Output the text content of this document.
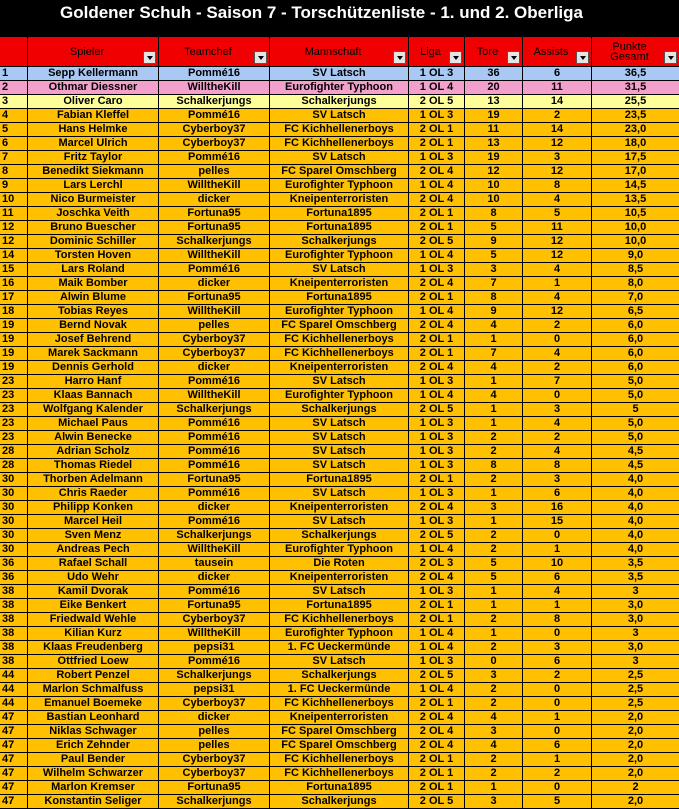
Goldener Schuh - Saison 7 - Torschützenliste - 1. und 2. Oberliga
Spieler	Teamchef	Mannschaft	Liga	Tore	Assists	Punkte Gesamt
1	Sepp Kellermann	Pommé16	SV Latsch	1 OL 3	36	6	36,5
2	Othmar Diessner	WilltheKill	Eurofighter Typhoon	1 OL 4	20	11	31,5
3	Oliver Caro	Schalkerjungs	Schalkerjungs	2 OL 5	13	14	25,5
4	Fabian Kleffel	Pommé16	SV Latsch	1 OL 3	19	2	23,5
5	Hans Helmke	Cyberboy37	FC Kichhellenerboys	2 OL 1	11	14	23,0
6	Marcel Ulrich	Cyberboy37	FC Kichhellenerboys	2 OL 1	13	12	18,0
7	Fritz Taylor	Pommé16	SV Latsch	1 OL 3	19	3	17,5
8	Benedikt Siekmann	pelles	FC Sparel Omschberg	2 OL 4	12	12	17,0
9	Lars Lerchl	WilltheKill	Eurofighter Typhoon	1 OL 4	10	8	14,5
10	Nico Burmeister	dicker	Kneipenterroristen	2 OL 4	10	4	13,5
11	Joschka Veith	Fortuna95	Fortuna1895	2 OL 1	8	5	10,5
12	Bruno Buescher	Fortuna95	Fortuna1895	2 OL 1	5	11	10,0
12	Dominic Schiller	Schalkerjungs	Schalkerjungs	2 OL 5	9	12	10,0
14	Torsten Hoven	WilltheKill	Eurofighter Typhoon	1 OL 4	5	12	9,0
15	Lars Roland	Pommé16	SV Latsch	1 OL 3	3	4	8,5
16	Maik Bomber	dicker	Kneipenterroristen	2 OL 4	7	1	8,0
17	Alwin Blume	Fortuna95	Fortuna1895	2 OL 1	8	4	7,0
18	Tobias Reyes	WilltheKill	Eurofighter Typhoon	1 OL 4	9	12	6,5
19	Bernd Novak	pelles	FC Sparel Omschberg	2 OL 4	4	2	6,0
19	Josef Behrend	Cyberboy37	FC Kichhellenerboys	2 OL 1	1	0	6,0
19	Marek Sackmann	Cyberboy37	FC Kichhellenerboys	2 OL 1	7	4	6,0
19	Dennis Gerhold	dicker	Kneipenterroristen	2 OL 4	4	2	6,0
23	Harro Hanf	Pommé16	SV Latsch	1 OL 3	1	7	5,0
23	Klaas Bannach	WilltheKill	Eurofighter Typhoon	1 OL 4	4	0	5,0
23	Wolfgang Kalender	Schalkerjungs	Schalkerjungs	2 OL 5	1	3	5
23	Michael Paus	Pommé16	SV Latsch	1 OL 3	1	4	5,0
23	Alwin Benecke	Pommé16	SV Latsch	1 OL 3	2	2	5,0
28	Adrian Scholz	Pommé16	SV Latsch	1 OL 3	2	4	4,5
28	Thomas Riedel	Pommé16	SV Latsch	1 OL 3	8	8	4,5
30	Thorben Adelmann	Fortuna95	Fortuna1895	2 OL 1	2	3	4,0
30	Chris Raeder	Pommé16	SV Latsch	1 OL 3	1	6	4,0
30	Philipp Konken	dicker	Kneipenterroristen	2 OL 4	3	16	4,0
30	Marcel Heil	Pommé16	SV Latsch	1 OL 3	1	15	4,0
30	Sven Menz	Schalkerjungs	Schalkerjungs	2 OL 5	2	0	4,0
30	Andreas Pech	WilltheKill	Eurofighter Typhoon	1 OL 4	2	1	4,0
36	Rafael Schall	tausein	Die Roten	2 OL 3	5	10	3,5
36	Udo Wehr	dicker	Kneipenterroristen	2 OL 4	5	6	3,5
38	Kamil Dvorak	Pommé16	SV Latsch	1 OL 3	1	4	3
38	Eike Benkert	Fortuna95	Fortuna1895	2 OL 1	1	1	3,0
38	Friedwald Wehle	Cyberboy37	FC Kichhellenerboys	2 OL 1	2	8	3,0
38	Kilian Kurz	WilltheKill	Eurofighter Typhoon	1 OL 4	1	0	3
38	Klaas Freudenberg	pepsi31	1. FC Ueckermünde	1 OL 4	2	3	3,0
38	Ottfried Loew	Pommé16	SV Latsch	1 OL 3	0	6	3
44	Robert Penzel	Schalkerjungs	Schalkerjungs	2 OL 5	3	2	2,5
44	Marlon Schmalfuss	pepsi31	1. FC Ueckermünde	1 OL 4	2	0	2,5
44	Emanuel Boemeke	Cyberboy37	FC Kichhellenerboys	2 OL 1	2	0	2,5
47	Bastian Leonhard	dicker	Kneipenterroristen	2 OL 4	4	1	2,0
47	Niklas Schwager	pelles	FC Sparel Omschberg	2 OL 4	3	0	2,0
47	Erich Zehnder	pelles	FC Sparel Omschberg	2 OL 4	4	6	2,0
47	Paul Bender	Cyberboy37	FC Kichhellenerboys	2 OL 1	2	1	2,0
47	Wilhelm Schwarzer	Cyberboy37	FC Kichhellenerboys	2 OL 1	2	2	2,0
47	Marlon Kremser	Fortuna95	Fortuna1895	2 OL 1	1	0	2
47	Konstantin Seliger	Schalkerjungs	Schalkerjungs	2 OL 5	3	5	2,0
